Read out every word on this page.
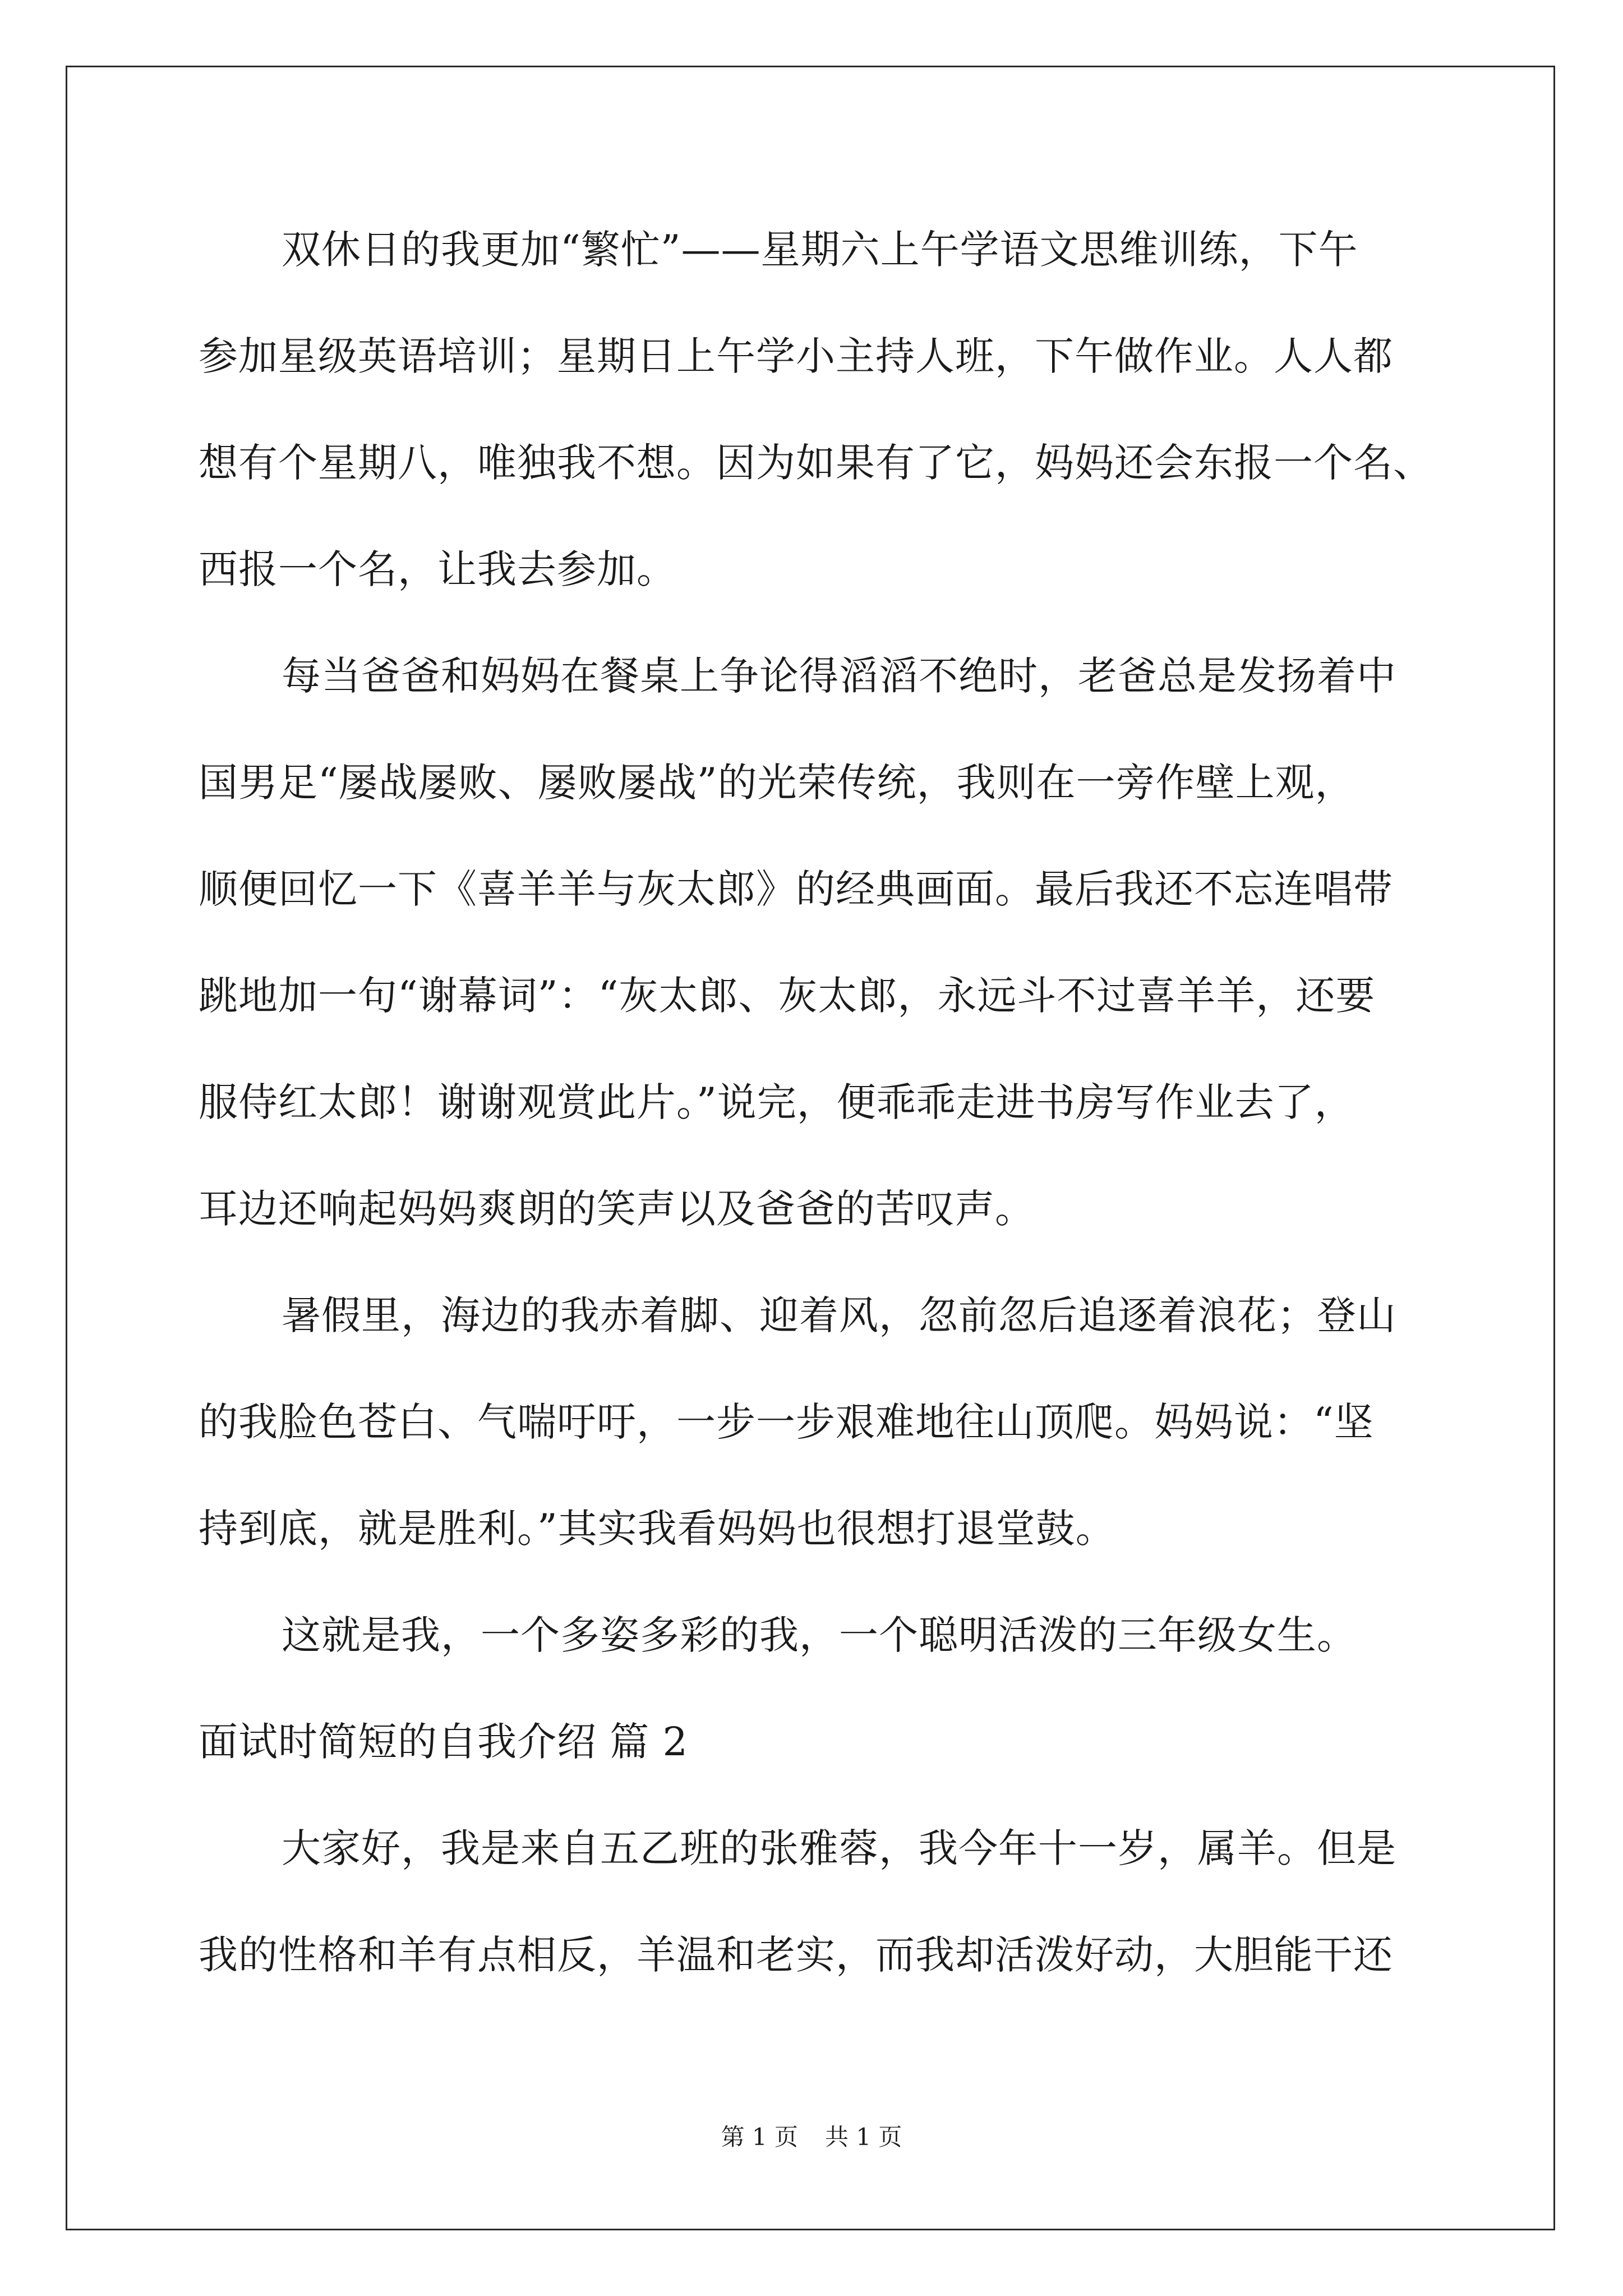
双休日的我更加“繁忙”——星期六上午学语文思维训练，下午

参加星级英语培训；星期日上午学小主持人班，下午做作业。人人都

想有个星期八，唯独我不想。因为如果有了它，妈妈还会东报一个名、

西报一个名，让我去参加。

每当爸爸和妈妈在餐桌上争论得滔滔不绝时，老爸总是发扬着中

国男足“屡战屡败、屡败屡战”的光荣传统，我则在一旁作壁上观，

顺便回忆一下《喜羊羊与灰太郎》的经典画面。最后我还不忘连唱带

跳地加一句“谢幕词”：“灰太郎、灰太郎，永远斗不过喜羊羊，还要

服侍红太郎！谢谢观赏此片。”说完，便乖乖走进书房写作业去了，

耳边还响起妈妈爽朗的笑声以及爸爸的苦叹声。

暑假里，海边的我赤着脚、迎着风，忽前忽后追逐着浪花；登山

的我脸色苍白、气喘吁吁，一步一步艰难地往山顶爬。妈妈说：“坚

持到底，就是胜利。”其实我看妈妈也很想打退堂鼓。

这就是我，一个多姿多彩的我，一个聪明活泼的三年级女生。

面试时简短的自我介绍 篇 2

大家好，我是来自五乙班的张雅蓉，我今年十一岁，属羊。但是

我的性格和羊有点相反，羊温和老实，而我却活泼好动，大胆能干还

第 1 页 共 1 页
